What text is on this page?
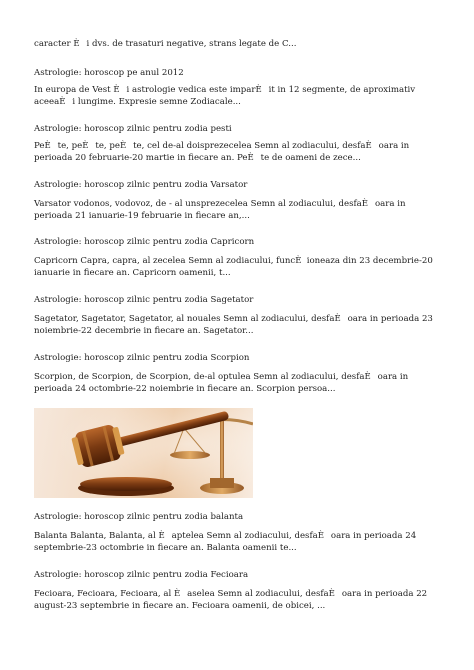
caracter Èi dvs. de trasaturi negative, strans legate de C...
Astrologie: horoscop pe anul 2012
In europa de Vest Èi astrologie vedica este imparÈit in 12 segmente, de aproximativ aceeaÈi lungime. Expresie semne Zodiacale...
Astrologie: horoscop zilnic pentru zodia pesti
PeÈte, peÈte, peÈte, cel de-al doisprezecelea Semn al zodiacului, desfaÈoara in perioada 20 februarie-20 martie in fiecare an. PeÈte de oameni de zece...
Astrologie: horoscop zilnic pentru zodia Varsator
Varsator vodonos, vodovoz, de - al unsprezecelea Semn al zodiacului, desfaÈoara in perioada 21 ianuarie-19 februarie in fiecare an,...
Astrologie: horoscop zilnic pentru zodia Capricorn
Capricorn Capra, capra, al zecelea Semn al zodiacului, funcÈioneaza din 23 decembrie-20 ianuarie in fiecare an. Capricorn oamenii, t...
Astrologie: horoscop zilnic pentru zodia Sagetator
Sagetator, Sagetator, Sagetator, al nouales Semn al zodiacului, desfaÈoara in perioada 23 noiembrie-22 decembrie in fiecare an. Sagetator...
Astrologie: horoscop zilnic pentru zodia Scorpion
Scorpion, de Scorpion, de Scorpion, de-al optulea Semn al zodiacului, desfaÈoara in perioada 24 octombrie-22 noiembrie in fiecare an. Scorpion persoa...
Astrologie: horoscop zilnic pentru zodia balanta
Balanta Balanta, Balanta, al Èaptelea Semn al zodiacului, desfaÈoara in perioada 24 septembrie-23 octombrie in fiecare an. Balanta oamenii te...
Astrologie: horoscop zilnic pentru zodia Fecioara
Fecioara, Fecioara, Fecioara, al Èaselea Semn al zodiacului, desfaÈoara in perioada 22 august-23 septembrie in fiecare an. Fecioara oamenii, de obicei, ...
